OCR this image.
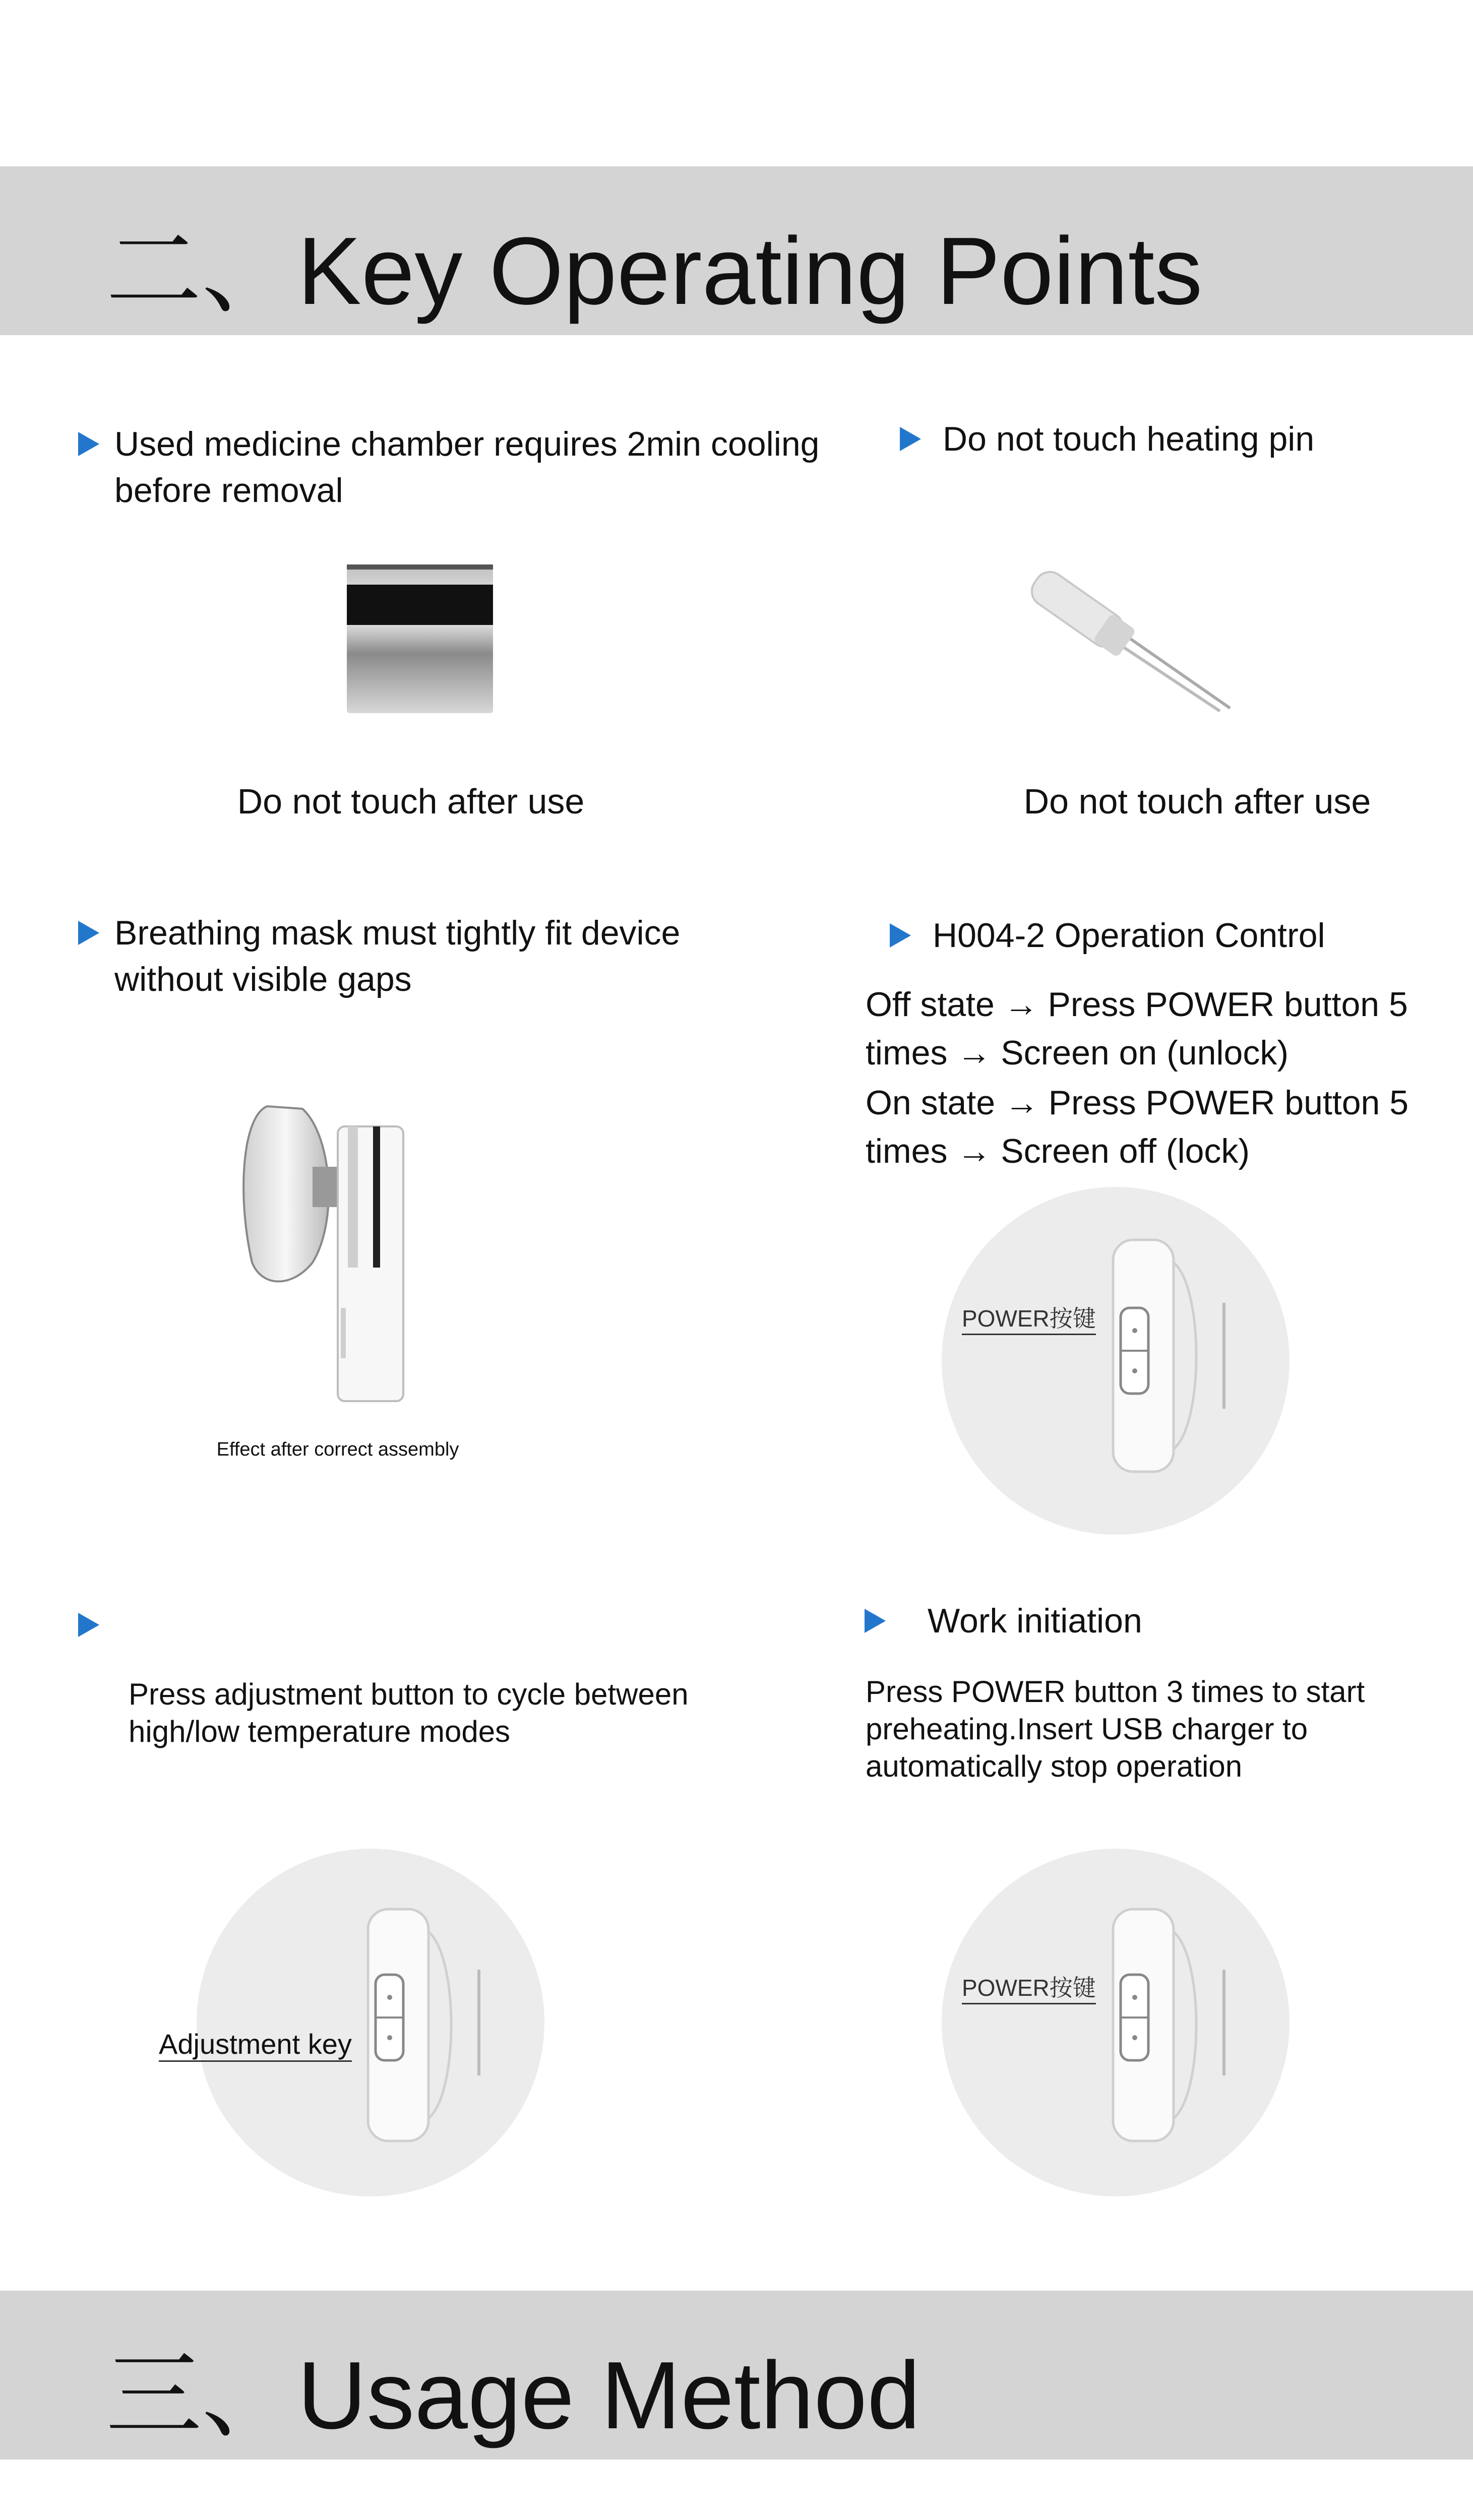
二、Key Operating Points
Used medicine chamber requires 2min cooling before removal
Do not touch after use
Do not touch heating pin
Do not touch after use
Breathing mask must tightly fit device without visible gaps
Effect after correct assembly
H004-2 Operation Control
Off state → Press POWER button 5 times → Screen on (unlock)
On state → Press POWER button 5 times → Screen off (lock)
POWER按键
Press adjustment button to cycle between high/low temperature modes
Adjustment key
Work initiation
Press POWER button 3 times to start preheating.Insert USB charger to automatically stop operation
POWER按键
三、Usage Method
